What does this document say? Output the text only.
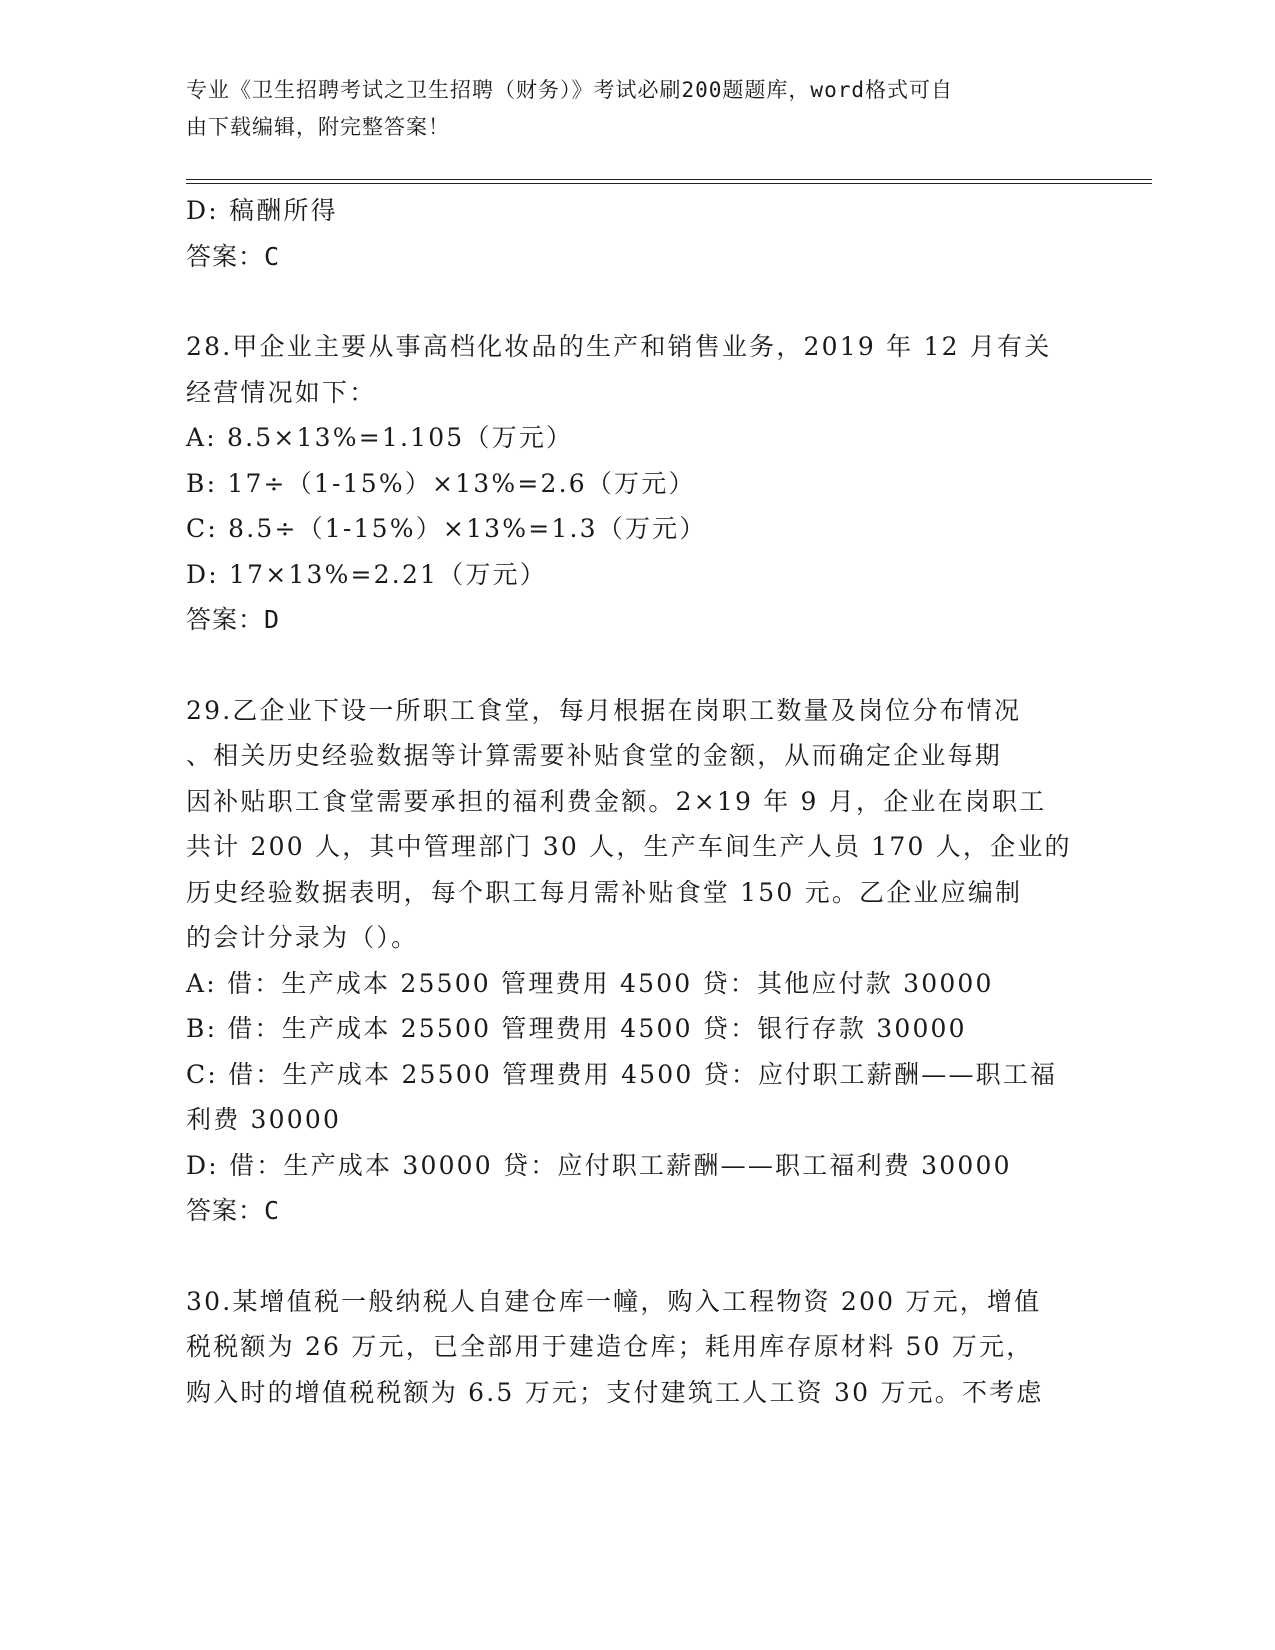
专业《卫生招聘考试之卫生招聘（财务）》考试必刷200题题库，word格式可自
由下载编辑，附完整答案！
D: 稿酬所得
答案：C
28.甲企业主要从事高档化妆品的生产和销售业务，2019 年 12 月有关
经营情况如下：
A: 8.5×13%=1.105（万元）
B: 17÷（1-15%）×13%=2.6（万元）
C: 8.5÷（1-15%）×13%=1.3（万元）
D: 17×13%=2.21（万元）
答案：D
29.乙企业下设一所职工食堂，每月根据在岗职工数量及岗位分布情况
、相关历史经验数据等计算需要补贴食堂的金额，从而确定企业每期
因补贴职工食堂需要承担的福利费金额。2×19 年 9 月，企业在岗职工
共计 200 人，其中管理部门 30 人，生产车间生产人员 170 人，企业的
历史经验数据表明，每个职工每月需补贴食堂 150 元。乙企业应编制
的会计分录为（）。
A: 借：生产成本 25500 管理费用 4500 贷：其他应付款 30000
B: 借：生产成本 25500 管理费用 4500 贷：银行存款 30000
C: 借：生产成本 25500 管理费用 4500 贷：应付职工薪酬——职工福
利费 30000
D: 借：生产成本 30000 贷：应付职工薪酬——职工福利费 30000
答案：C
30.某增值税一般纳税人自建仓库一幢，购入工程物资 200 万元，增值
税税额为 26 万元，已全部用于建造仓库；耗用库存原材料 50 万元，
购入时的增值税税额为 6.5 万元；支付建筑工人工资 30 万元。不考虑
